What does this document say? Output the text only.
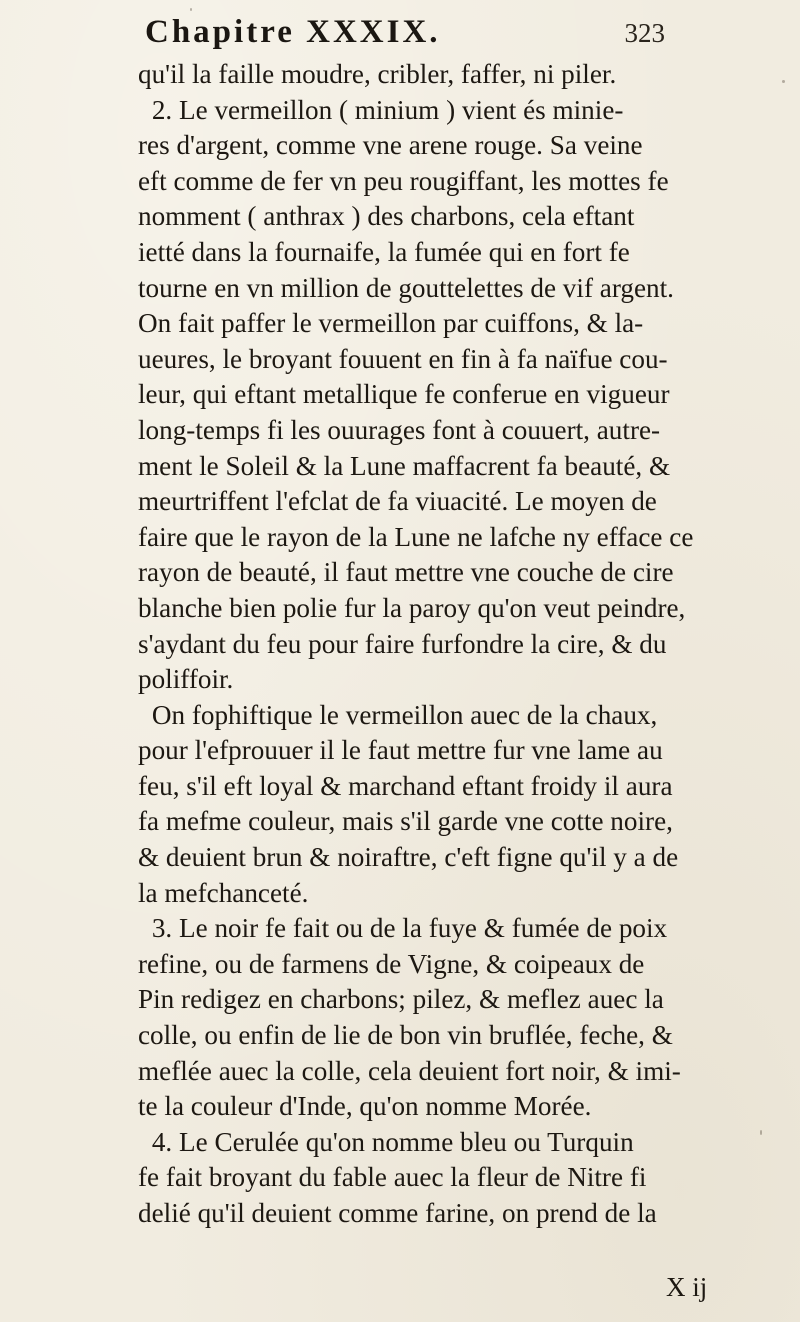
Chapitre XXXIX.	323
qu'il la faille moudre, cribler, faffer, ni piler.
2. Le vermeillon ( minium ) vient és minie-
res d'argent, comme vne arene rouge. Sa veine
eft comme de fer vn peu rougiffant, les mottes fe
nomment ( anthrax ) des charbons, cela eftant
ietté dans la fournaife, la fumée qui en fort fe
tourne en vn million de gouttelettes de vif argent.
On fait paffer le vermeillon par cuiffons, & la-
ueures, le broyant fouuent en fin à fa naïfue cou-
leur, qui eftant metallique fe conferue en vigueur
long-temps fi les ouurages font à couuert, autre-
ment le Soleil & la Lune maffacrent fa beauté, &
meurtriffent l'efclat de fa viuacité. Le moyen de
faire que le rayon de la Lune ne lafche ny efface ce
rayon de beauté, il faut mettre vne couche de cire
blanche bien polie fur la paroy qu'on veut peindre,
s'aydant du feu pour faire furfondre la cire, & du
poliffoir.
On fophiftique le vermeillon auec de la chaux,
pour l'efprouuer il le faut mettre fur vne lame au
feu, s'il eft loyal & marchand eftant froidy il aura
fa mefme couleur, mais s'il garde vne cotte noire,
& deuient brun & noiraftre, c'eft figne qu'il y a de
la mefchanceté.
3. Le noir fe fait ou de la fuye & fumée de poix
refine, ou de farmens de Vigne, & coipeaux de
Pin redigez en charbons; pilez, & meflez auec la
colle, ou enfin de lie de bon vin bruflée, feche, &
meflée auec la colle, cela deuient fort noir, & imi-
te la couleur d'Inde, qu'on nomme Morée.
4. Le Cerulée qu'on nomme bleu ou Turquin
fe fait broyant du fable auec la fleur de Nitre fi
delié qu'il deuient comme farine, on prend de la
X ij
